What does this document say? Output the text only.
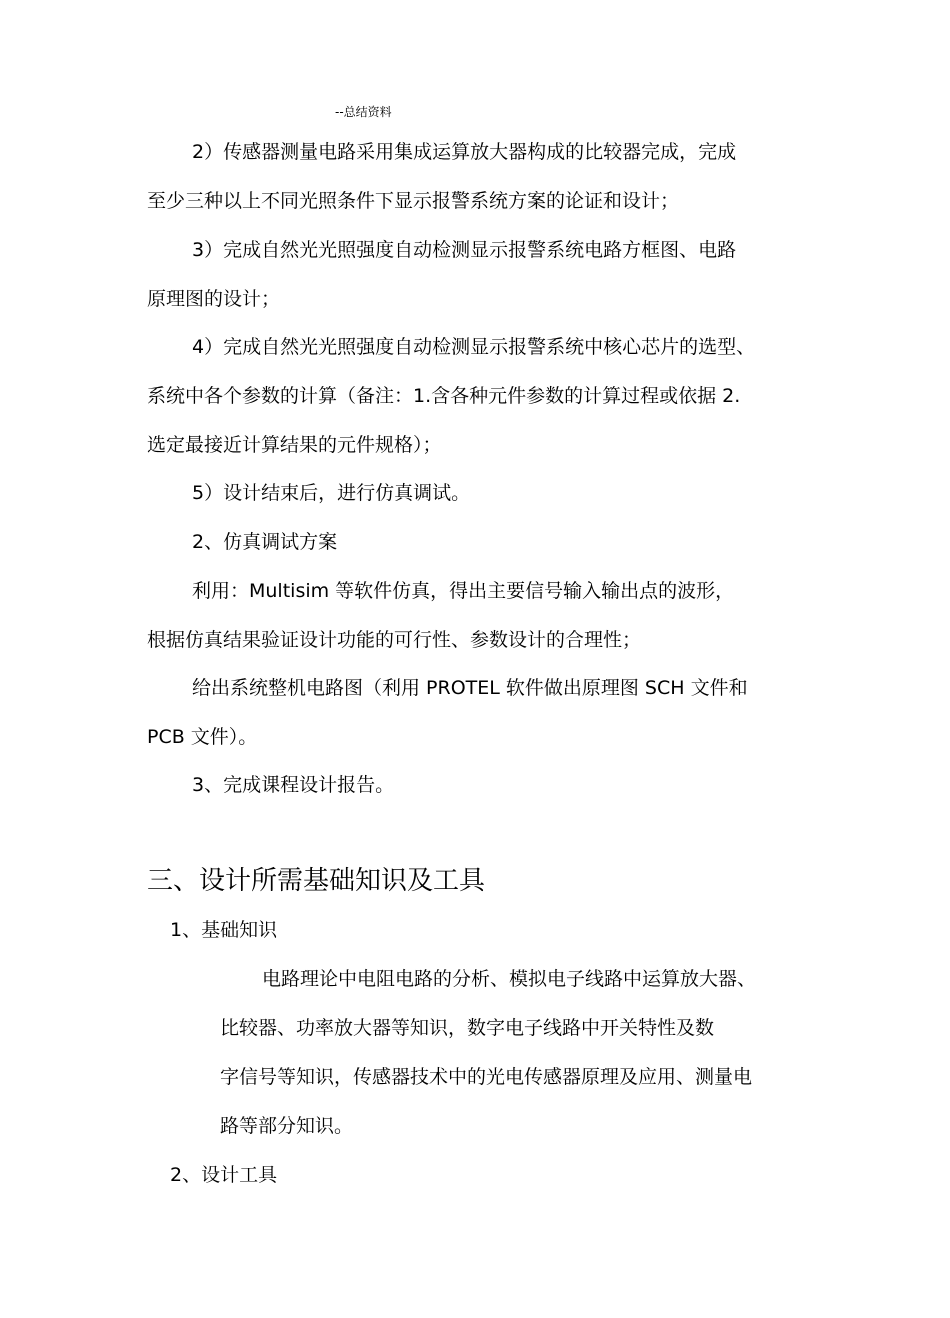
--总结资料
2）传感器测量电路采用集成运算放大器构成的比较器完成，完成
至少三种以上不同光照条件下显示报警系统方案的论证和设计；
3）完成自然光光照强度自动检测显示报警系统电路方框图、电路
原理图的设计；
4）完成自然光光照强度自动检测显示报警系统中核心芯片的选型、
系统中各个参数的计算（备注：1.含各种元件参数的计算过程或依据 2.
选定最接近计算结果的元件规格）；
5）设计结束后，进行仿真调试。
2、仿真调试方案
利用：Multisim 等软件仿真，得出主要信号输入输出点的波形，
根据仿真结果验证设计功能的可行性、参数设计的合理性；
给出系统整机电路图（利用 PROTEL 软件做出原理图 SCH 文件和
PCB 文件）。
3、完成课程设计报告。
三、设计所需基础知识及工具
1、基础知识
电路理论中电阻电路的分析、模拟电子线路中运算放大器、
比较器、功率放大器等知识，数字电子线路中开关特性及数
字信号等知识，传感器技术中的光电传感器原理及应用、测量电
路等部分知识。
2、设计工具
